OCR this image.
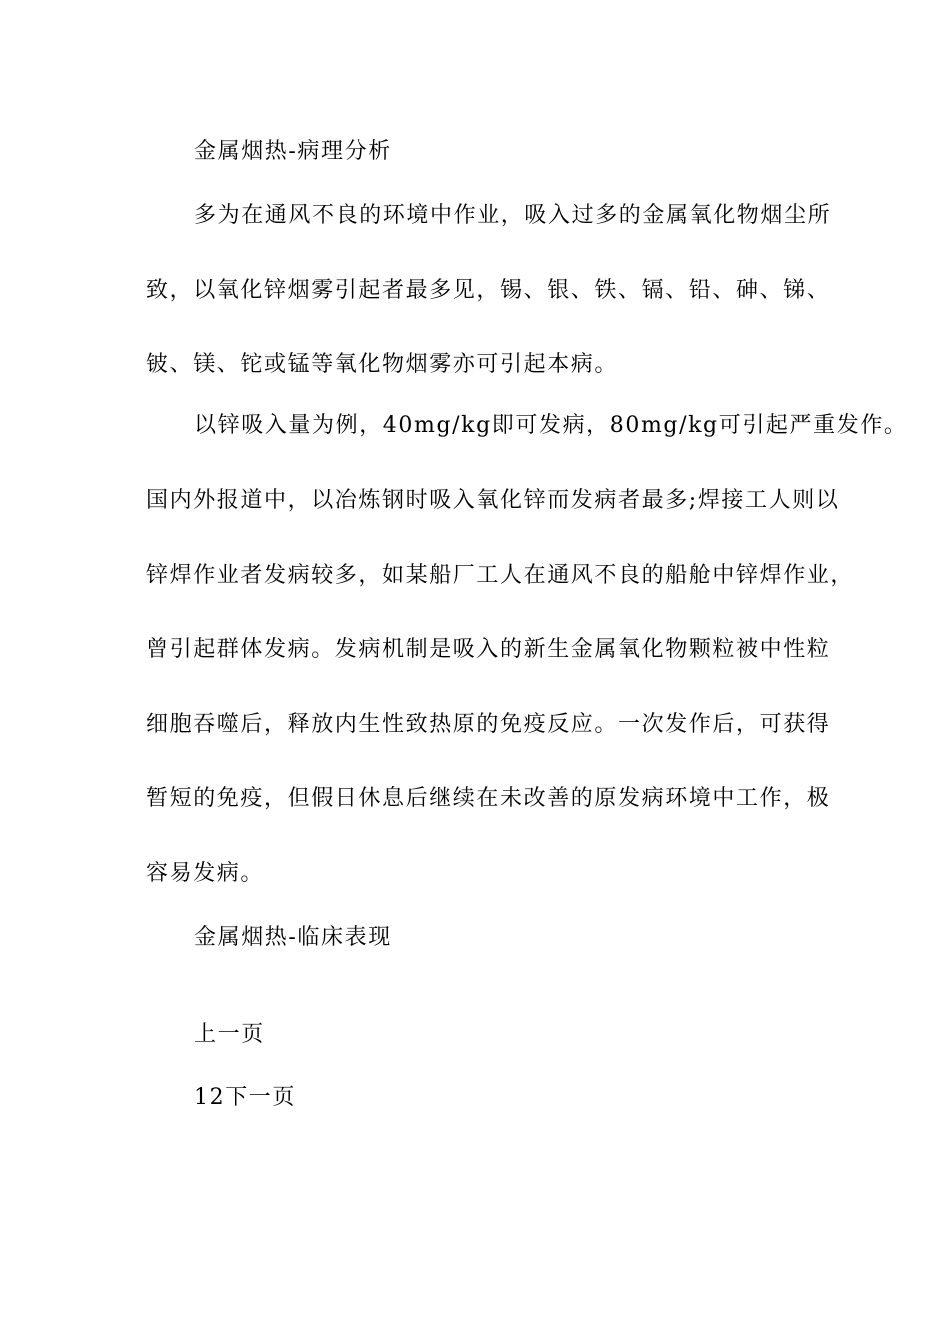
金属烟热-病理分析
多为在通风不良的环境中作业，吸入过多的金属氧化物烟尘所
致，以氧化锌烟雾引起者最多见，锡、银、铁、镉、铅、砷、锑、
铍、镁、铊或锰等氧化物烟雾亦可引起本病。
以锌吸入量为例，40mg/kg即可发病，80mg/kg可引起严重发作。
国内外报道中，以冶炼钢时吸入氧化锌而发病者最多;焊接工人则以
锌焊作业者发病较多，如某船厂工人在通风不良的船舱中锌焊作业，
曾引起群体发病。发病机制是吸入的新生金属氧化物颗粒被中性粒
细胞吞噬后，释放内生性致热原的免疫反应。一次发作后，可获得
暂短的免疫，但假日休息后继续在未改善的原发病环境中工作，极
容易发病。
金属烟热-临床表现
上一页
12下一页
